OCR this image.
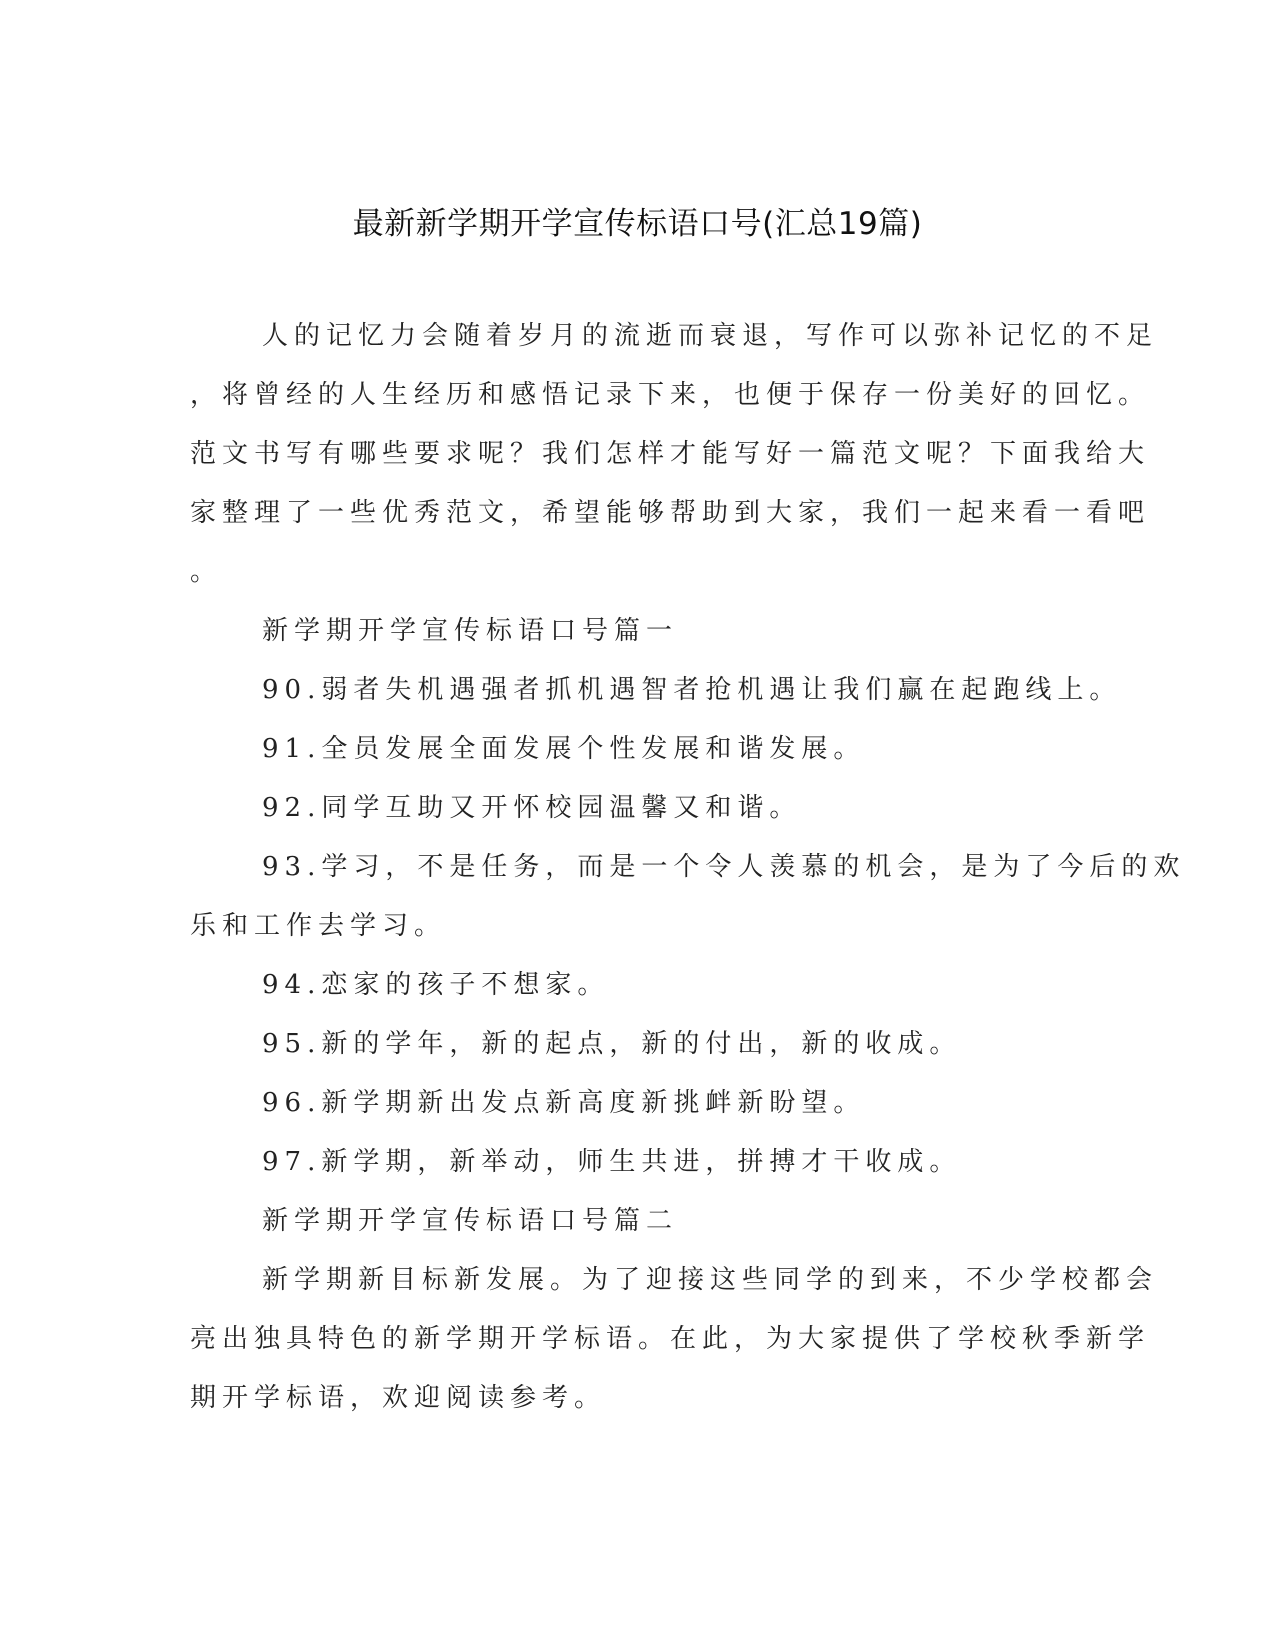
最新新学期开学宣传标语口号(汇总19篇)
人的记忆力会随着岁月的流逝而衰退，写作可以弥补记忆的不足
，将曾经的人生经历和感悟记录下来，也便于保存一份美好的回忆。
范文书写有哪些要求呢？我们怎样才能写好一篇范文呢？下面我给大
家整理了一些优秀范文，希望能够帮助到大家，我们一起来看一看吧
。
新学期开学宣传标语口号篇一
90.弱者失机遇强者抓机遇智者抢机遇让我们赢在起跑线上。
91.全员发展全面发展个性发展和谐发展。
92.同学互助又开怀校园温馨又和谐。
93.学习，不是任务，而是一个令人羡慕的机会，是为了今后的欢
乐和工作去学习。
94.恋家的孩子不想家。
95.新的学年，新的起点，新的付出，新的收成。
96.新学期新出发点新高度新挑衅新盼望。
97.新学期，新举动，师生共进，拼搏才干收成。
新学期开学宣传标语口号篇二
新学期新目标新发展。为了迎接这些同学的到来，不少学校都会
亮出独具特色的新学期开学标语。在此，为大家提供了学校秋季新学
期开学标语，欢迎阅读参考。
